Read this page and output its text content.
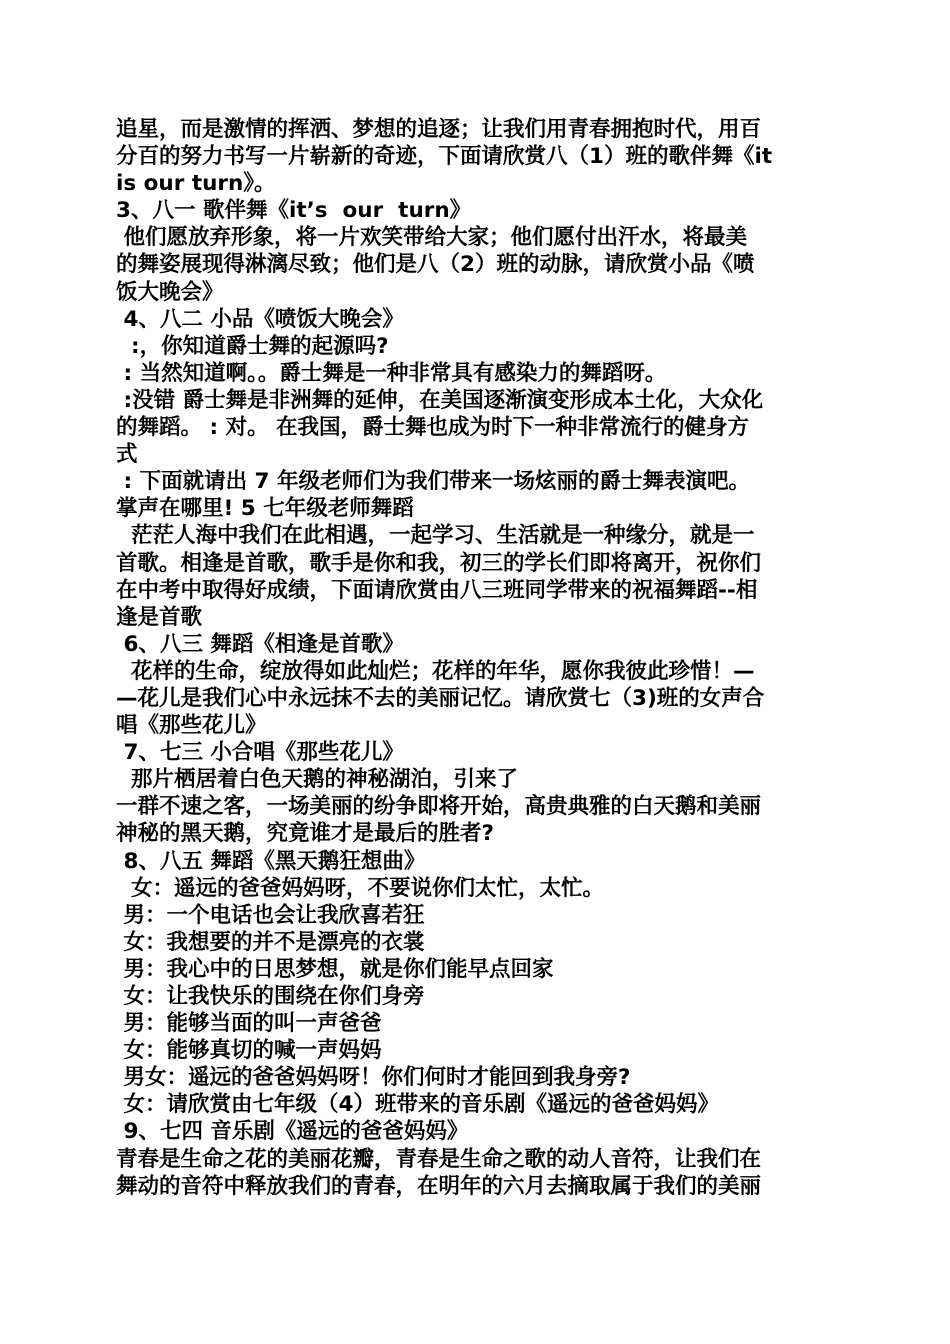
追星，而是激情的挥洒、梦想的追逐；让我们用青春拥抱时代，用百
分百的努力书写一片崭新的奇迹，下面请欣赏八（1）班的歌伴舞《it
is our turn》。
3、八一 歌伴舞《it’s  our  turn》
他们愿放弃形象，将一片欢笑带给大家；他们愿付出汗水，将最美
的舞姿展现得淋漓尽致；他们是八（2）班的动脉，请欣赏小品《喷
饭大晚会》
4、八二 小品《喷饭大晚会》
:，你知道爵士舞的起源吗?
: 当然知道啊。。爵士舞是一种非常具有感染力的舞蹈呀。
:没错 爵士舞是非洲舞的延伸，在美国逐渐演变形成本土化，大众化
的舞蹈。 : 对。 在我国，爵士舞也成为时下一种非常流行的健身方
式
: 下面就请出 7 年级老师们为我们带来一场炫丽的爵士舞表演吧。
掌声在哪里! 5 七年级老师舞蹈
茫茫人海中我们在此相遇，一起学习、生活就是一种缘分，就是一
首歌。相逢是首歌，歌手是你和我，初三的学长们即将离开，祝你们
在中考中取得好成绩，下面请欣赏由八三班同学带来的祝福舞蹈--相
逢是首歌
6、八三 舞蹈《相逢是首歌》
花样的生命，绽放得如此灿烂；花样的年华，愿你我彼此珍惜！—
—花儿是我们心中永远抹不去的美丽记忆。请欣赏七（3)班的女声合
唱《那些花儿》
7、七三 小合唱《那些花儿》
那片栖居着白色天鹅的神秘湖泊，引来了
一群不速之客，一场美丽的纷争即将开始，高贵典雅的白天鹅和美丽
神秘的黑天鹅，究竟谁才是最后的胜者?
8、八五 舞蹈《黑天鹅狂想曲》
女：遥远的爸爸妈妈呀，不要说你们太忙，太忙。
男：一个电话也会让我欣喜若狂
女：我想要的并不是漂亮的衣裳
男：我心中的日思梦想，就是你们能早点回家
女：让我快乐的围绕在你们身旁
男：能够当面的叫一声爸爸
女：能够真切的喊一声妈妈
男女：遥远的爸爸妈妈呀！你们何时才能回到我身旁?
女：请欣赏由七年级（4）班带来的音乐剧《遥远的爸爸妈妈》
9、七四 音乐剧《遥远的爸爸妈妈》
青春是生命之花的美丽花瓣，青春是生命之歌的动人音符，让我们在
舞动的音符中释放我们的青春，在明年的六月去摘取属于我们的美丽
